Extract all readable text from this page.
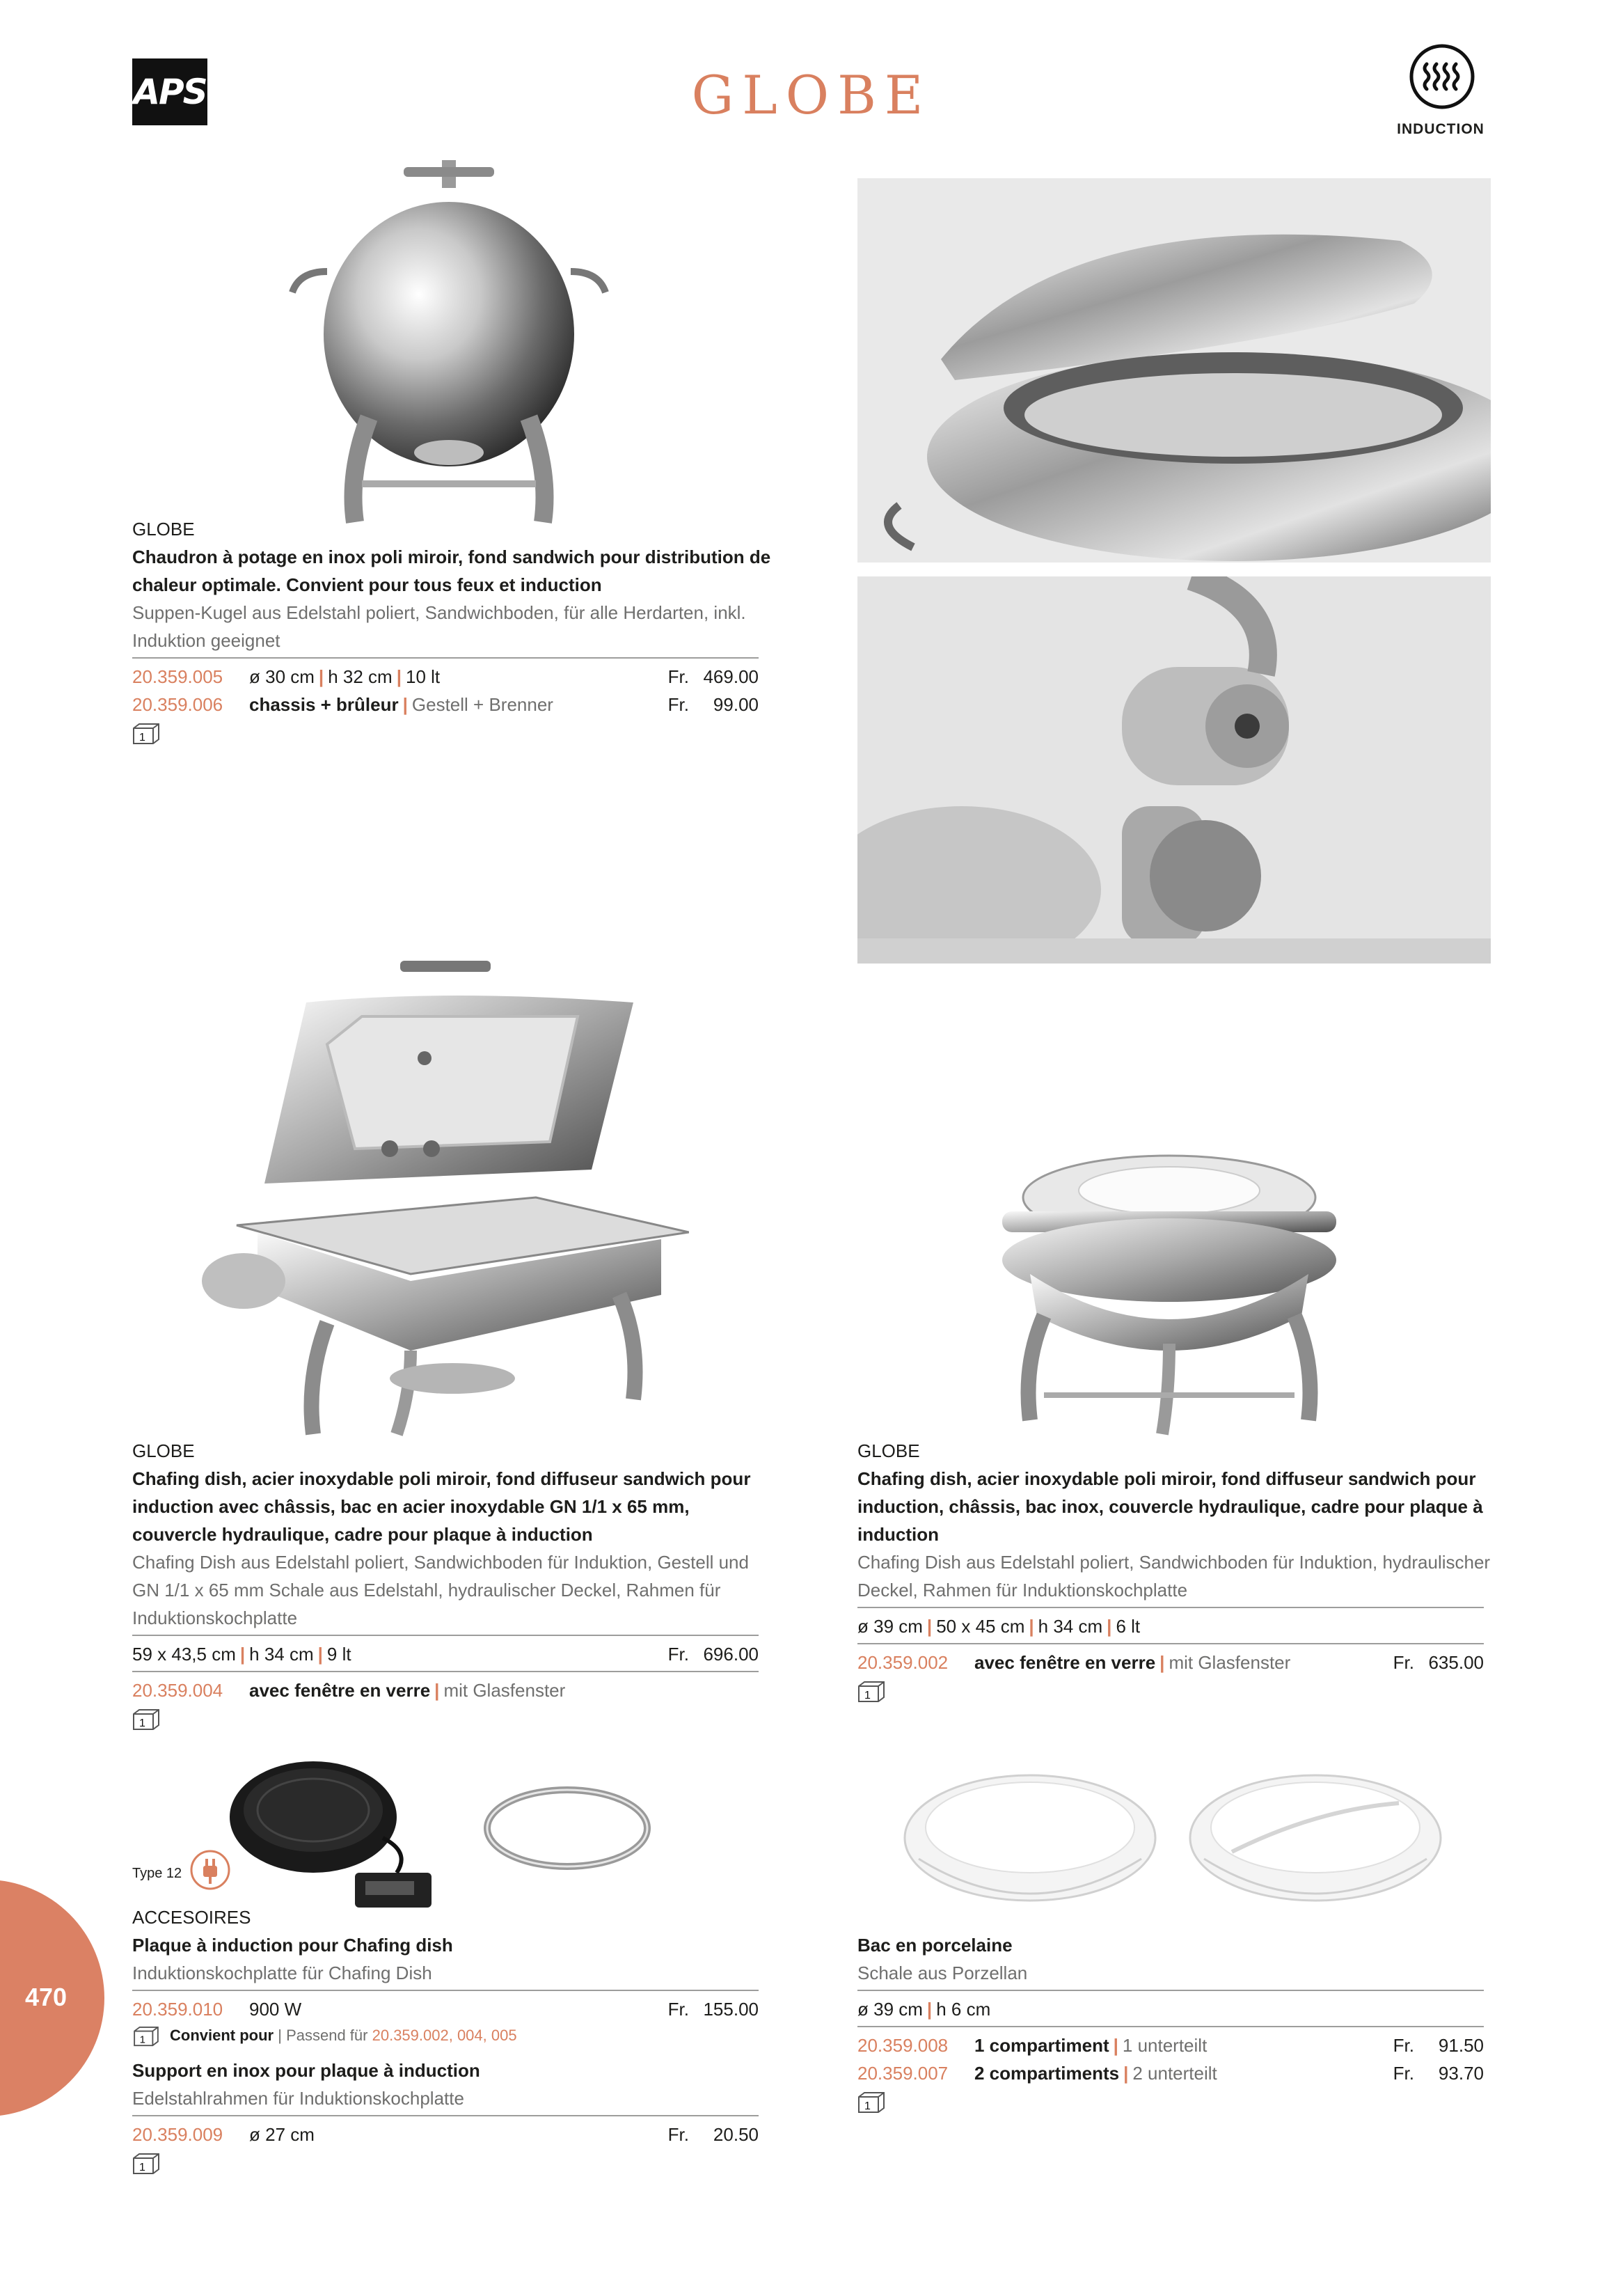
APS	GLOBE
INDUCTION
GLOBE
Chaudron à potage en inox poli miroir, fond sandwich pour distribution de chaleur optimale. Convient pour tous feux et induction
Suppen-Kugel aus Edelstahl poliert, Sandwichboden, für alle Herdarten, inkl. Induktion geeignet
20.359.005 ø 30 cm | h 32 cm | 10 lt	Fr. 469.00
20.359.006 chassis + brûleur | Gestell + Brenner	Fr.	99.00
1
GLOBE
Chafing dish, acier inoxydable poli miroir, fond diffuseur sandwich pour induction avec châssis, bac en acier inoxydable GN 1/1 x 65 mm, couvercle hydraulique, cadre pour plaque à induction
Chafing Dish aus Edelstahl poliert, Sandwichboden für Induktion, Gestell und GN 1/1 x 65 mm Schale aus Edelstahl, hydraulischer Deckel, Rahmen für Induktionskochplatte
59 x 43,5 cm | h 34 cm | 9 lt	Fr. 696.00
20.359.004 avec fenêtre en verre | mit Glasfenster
1
GLOBE
Chafing dish, acier inoxydable poli miroir, fond diffuseur sandwich pour induction, châssis, bac inox, couvercle hydraulique, cadre pour plaque à induction
Chafing Dish aus Edelstahl poliert, Sandwichboden für Induktion, hydraulischer Deckel, Rahmen für Induktionskochplatte
ø 39 cm | 50 x 45 cm | h 34 cm | 6 lt
20.359.002 avec fenêtre en verre | mit Glasfenster	Fr. 635.00
1
Type 12
ACCESOIRES
Plaque à induction pour Chafing dish
Induktionskochplatte für Chafing Dish
20.359.010 900 W	Fr. 155.00
1 Convient pour | Passend für 20.359.002, 004, 005
Support en inox pour plaque à induction
Edelstahlrahmen für Induktionskochplatte
20.359.009 ø 27 cm	Fr.	20.50
1
Bac en porcelaine
Schale aus Porzellan
ø 39 cm | h 6 cm
20.359.008 1 compartiment | 1 unterteilt	Fr.	91.50
20.359.007 2 compartiments | 2 unterteilt	Fr.	93.70
1
470
